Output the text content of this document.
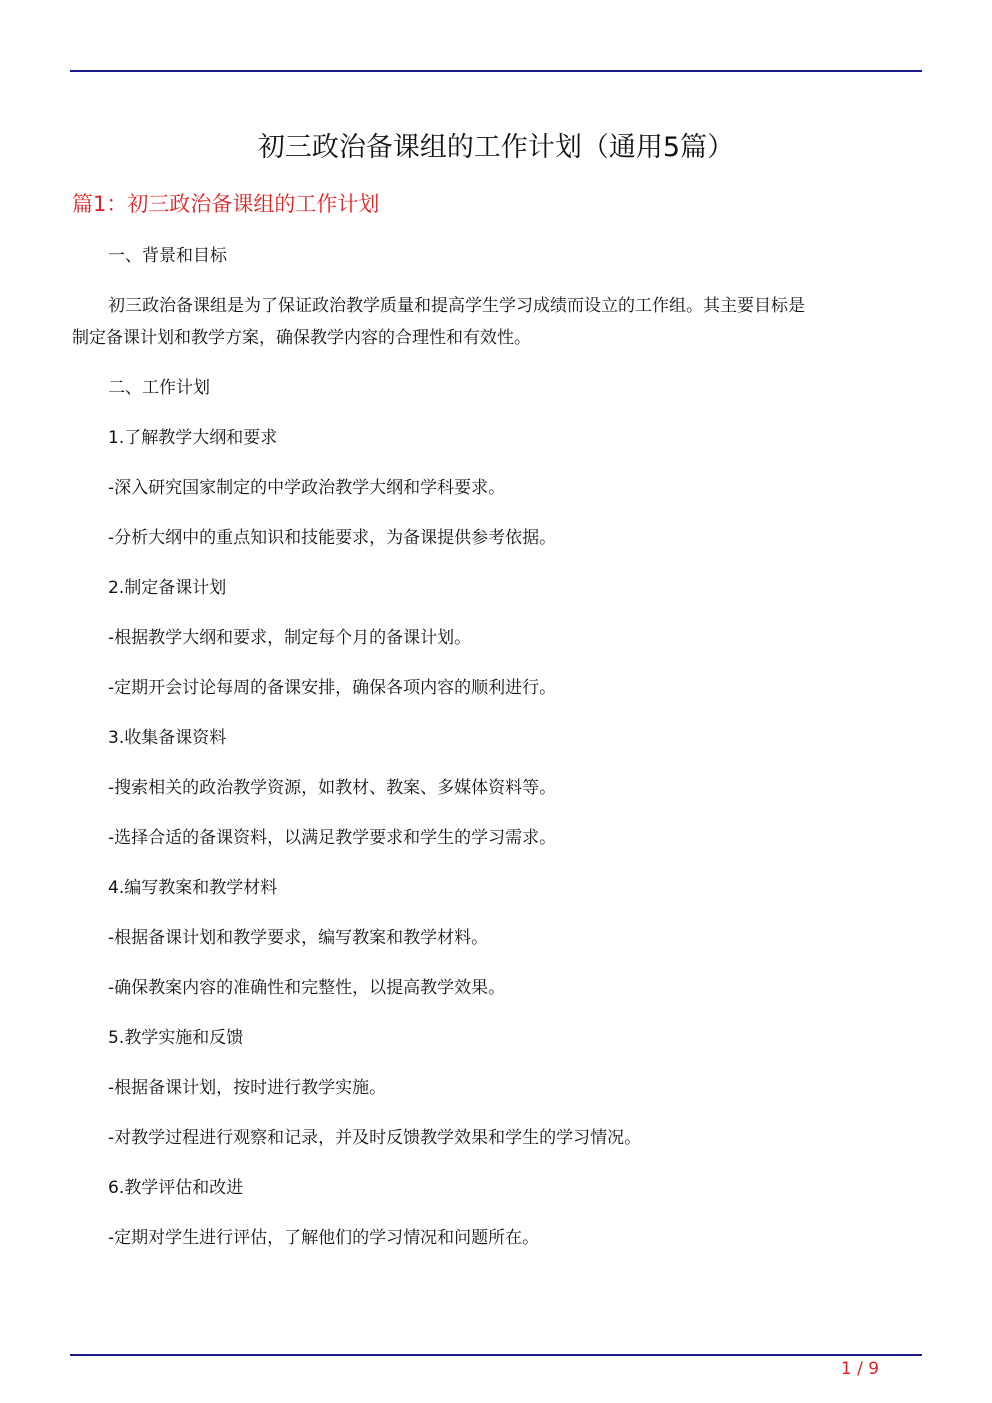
初三政治备课组的工作计划（通用5篇）
篇1：初三政治备课组的工作计划

一、背景和目标

初三政治备课组是为了保证政治教学质量和提高学生学习成绩而设立的工作组。其主要目标是制定备课计划和教学方案，确保教学内容的合理性和有效性。

二、工作计划

1.了解教学大纲和要求

-深入研究国家制定的中学政治教学大纲和学科要求。

-分析大纲中的重点知识和技能要求，为备课提供参考依据。

2.制定备课计划

-根据教学大纲和要求，制定每个月的备课计划。

-定期开会讨论每周的备课安排，确保各项内容的顺利进行。

3.收集备课资料

-搜索相关的政治教学资源，如教材、教案、多媒体资料等。

-选择合适的备课资料，以满足教学要求和学生的学习需求。

4.编写教案和教学材料

-根据备课计划和教学要求，编写教案和教学材料。

-确保教案内容的准确性和完整性，以提高教学效果。

5.教学实施和反馈

-根据备课计划，按时进行教学实施。

-对教学过程进行观察和记录，并及时反馈教学效果和学生的学习情况。

6.教学评估和改进

-定期对学生进行评估，了解他们的学习情况和问题所在。

1 / 9
